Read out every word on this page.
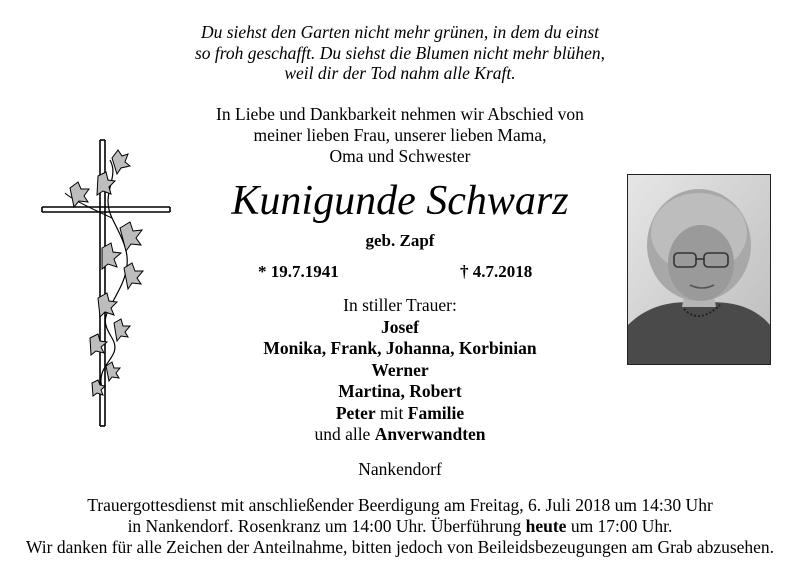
Du siehst den Garten nicht mehr grünen, in dem du einst
so froh geschafft. Du siehst die Blumen nicht mehr blühen,
weil dir der Tod nahm alle Kraft.
In Liebe und Dankbarkeit nehmen wir Abschied von
meiner lieben Frau, unserer lieben Mama,
Oma und Schwester
Kunigunde Schwarz
geb. Zapf
* 19.7.1941	† 4.7.2018
In stiller Trauer:
Josef
Monika, Frank, Johanna, Korbinian
Werner
Martina, Robert
Peter mit Familie
und alle Anverwandten
Nankendorf
Trauergottesdienst mit anschließender Beerdigung am Freitag, 6. Juli 2018 um 14:30 Uhr
in Nankendorf. Rosenkranz um 14:00 Uhr. Überführung heute um 17:00 Uhr.
Wir danken für alle Zeichen der Anteilnahme, bitten jedoch von Beileidsbezeugungen am Grab abzusehen.
